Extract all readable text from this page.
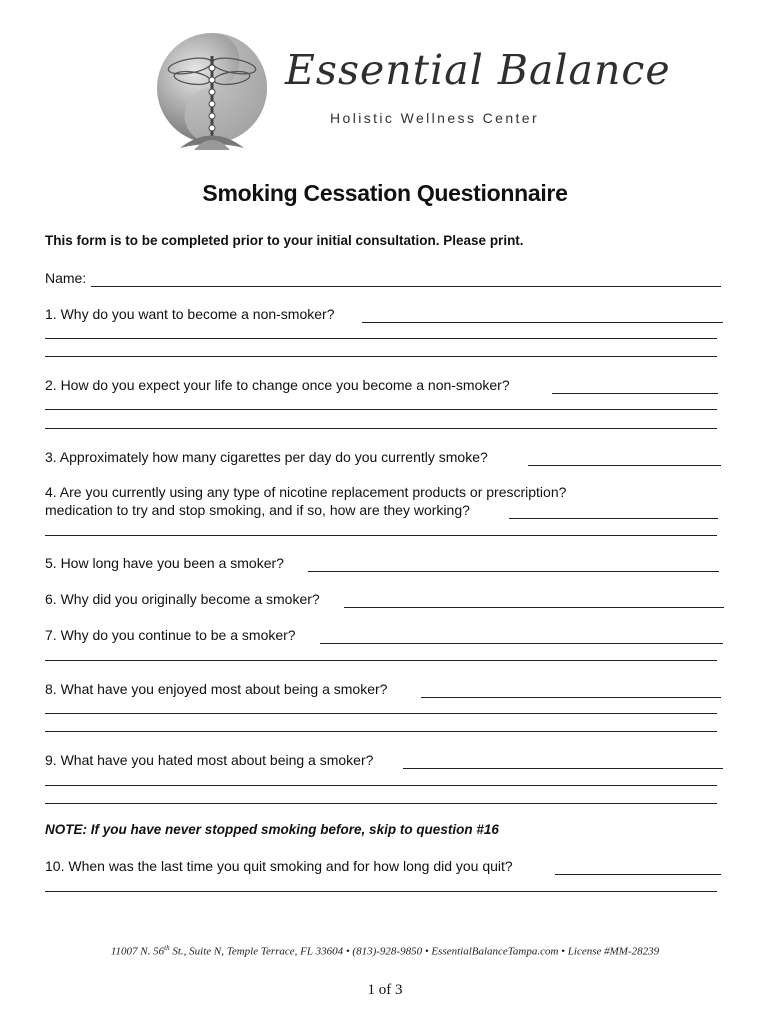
Essential Balance
Holistic Wellness Center
Smoking Cessation Questionnaire
This form is to be completed prior to your initial consultation. Please print.
Name:
1. Why do you want to become a non-smoker?
2. How do you expect your life to change once you become a non-smoker?
3. Approximately how many cigarettes per day do you currently smoke?
4. Are you currently using any type of nicotine replacement products or prescription?
medication to try and stop smoking, and if so, how are they working?
5. How long have you been a smoker?
6. Why did you originally become a smoker?
7. Why do you continue to be a smoker?
8. What have you enjoyed most about being a smoker?
9. What have you hated most about being a smoker?
NOTE: If you have never stopped smoking before, skip to question #16
10. When was the last time you quit smoking and for how long did you quit?
11007 N. 56th St., Suite N, Temple Terrace, FL 33604 • (813)-928-9850 • EssentialBalanceTampa.com • License #MM-28239
1 of 3
